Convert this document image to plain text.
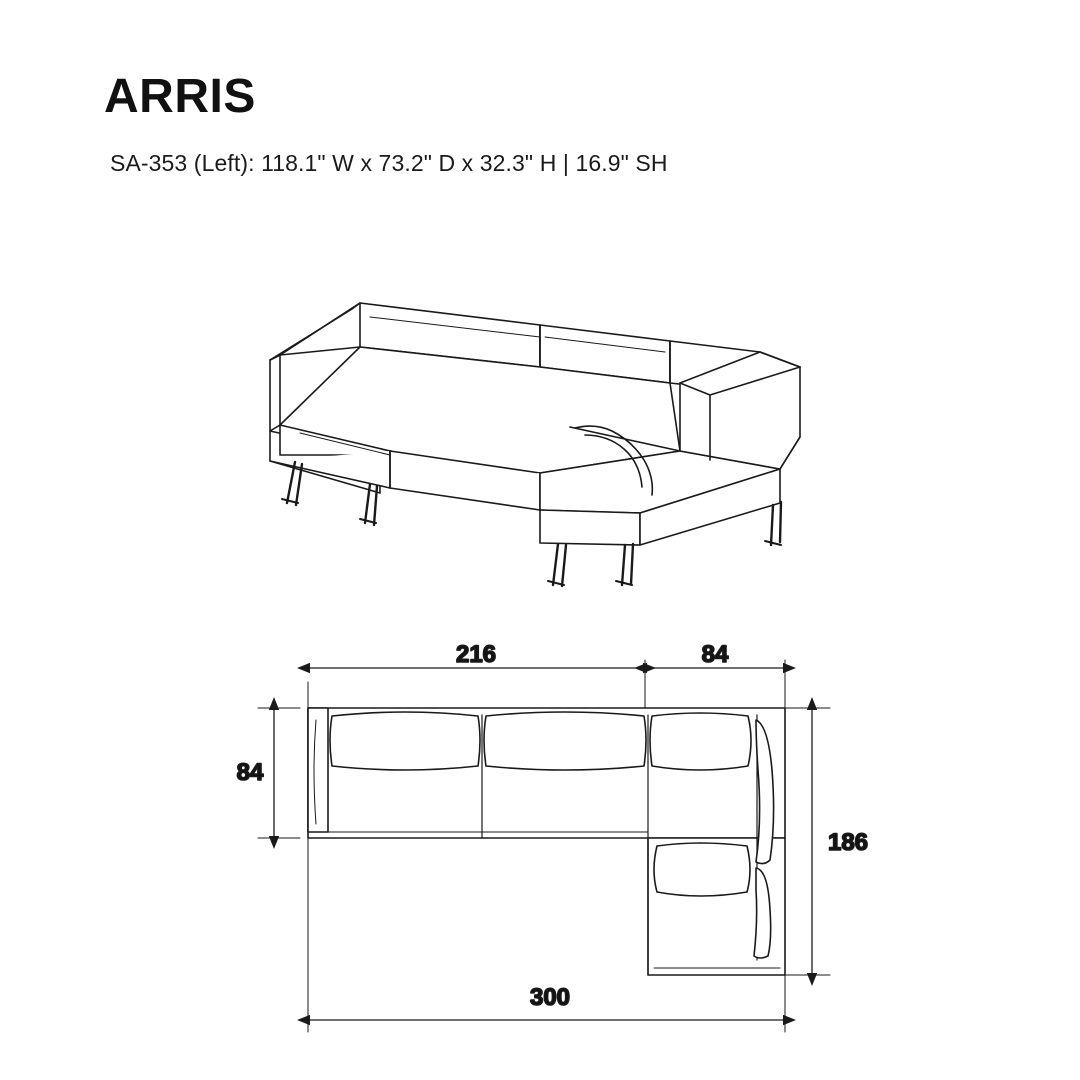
ARRIS
SA-353 (Left): 118.1" W x 73.2" D x 32.3" H | 16.9" SH
216	84
84
186
300
